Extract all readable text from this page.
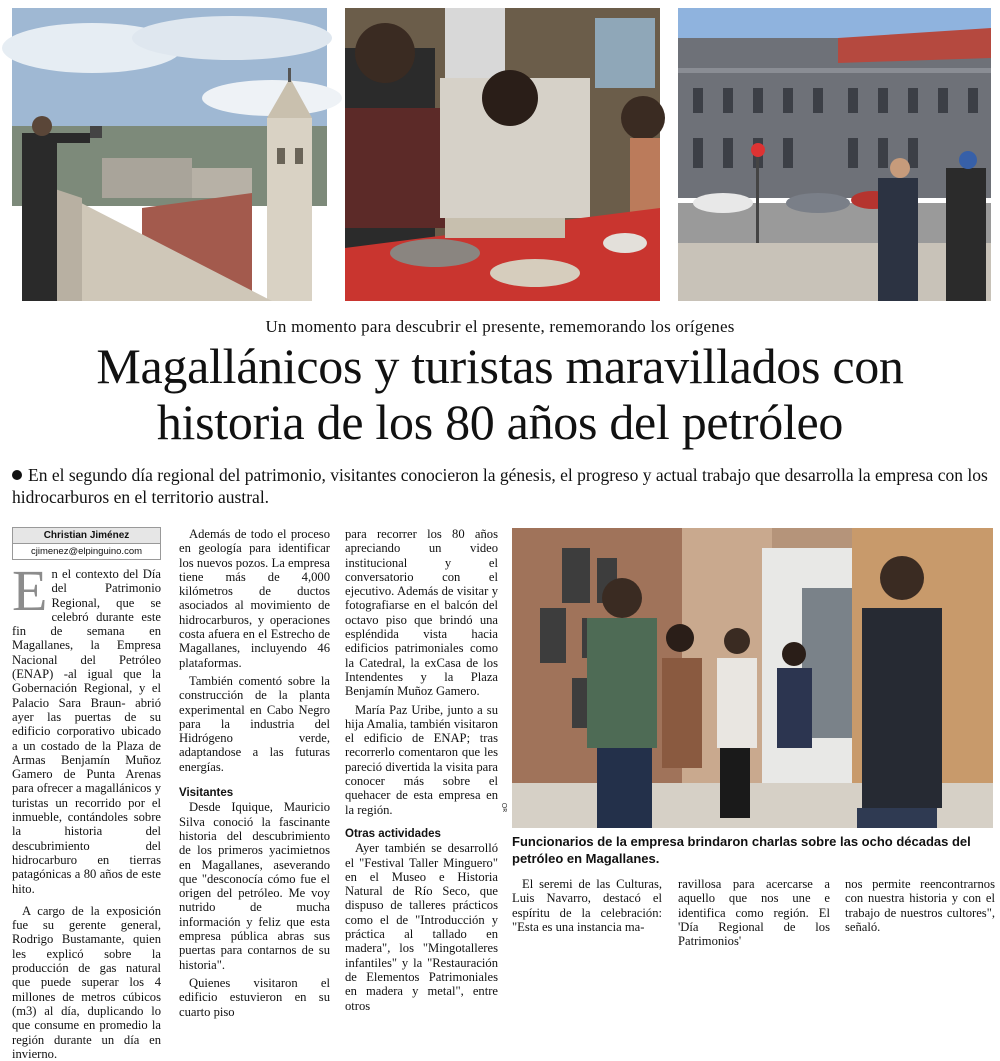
Un momento para descubrir el presente, rememorando los orígenes
Magallánicos y turistas maravillados con
historia de los 80 años del petróleo
En el segundo día regional del patrimonio, visitantes conocieron la génesis, el progreso y actual trabajo que desarrolla la empresa con los hidrocarburos en el territorio austral.
Christian Jiménez
cjimenez@elpinguino.com

En el contexto del Día del Patrimonio Regional, que se celebró durante este fin de semana en Magallanes, la Empresa Nacional del Petróleo (ENAP) -al igual que la Gobernación Regional, y el Palacio Sara Braun- abrió ayer las puertas de su edificio corporativo ubicado a un costado de la Plaza de Armas Benjamín Muñoz Gamero de Punta Arenas para ofrecer a magallánicos y turistas un recorrido por el inmueble, contándoles sobre la historia del descubrimiento del hidrocarburo en tierras patagónicas a 80 años de este hito.

A cargo de la exposición fue su gerente general, Rodrigo Bustamante, quien les explicó sobre la producción de gas natural que puede superar los 4 millones de metros cúbicos (m3) al día, duplicando lo que consume en promedio la región durante un día en invierno.

Además de todo el proceso en geología para identificar los nuevos pozos. La empresa tiene más de 4,000 kilómetros de ductos asociados al movimiento de hidrocarburos, y operaciones costa afuera en el Estrecho de Magallanes, incluyendo 46 plataformas.

También comentó sobre la construcción de la planta experimental en Cabo Negro para la industria del Hidrógeno verde, adaptandose a las futuras energías.

Visitantes

Desde Iquique, Mauricio Silva conoció la fascinante historia del descubrimiento de los primeros yacimietnos en Magallanes, aseverando que "desconocía cómo fue el origen del petróleo. Me voy nutrido de mucha información y feliz que esta empresa pública abras sus puertas para contarnos de su historia".

Quienes visitaron el edificio estuvieron en su cuarto piso

para recorrer los 80 años apreciando un video institucional y el conversatorio con el ejecutivo. Además de visitar y fotografiarse en el balcón del octavo piso que brindó una espléndida vista hacia edificios patrimoniales como la Catedral, la exCasa de los Intendentes y la Plaza Benjamín Muñoz Gamero.

María Paz Uribe, junto a su hija Amalia, también visitaron el edificio de ENAP; tras recorrerlo comentaron que les pareció divertida la visita para conocer más sobre el quehacer de esta empresa en la región.

Otras actividades

Ayer también se desarrolló el "Festival Taller Minguero" en el Museo e Historia Natural de Río Seco, que dispuso de talleres prácticos como el de "Introducción y práctica al tallado en madera", los "Mingotalleres infantiles" y la "Restauración de Elementos Patrimoniales en madera y metal", entre otros

ᴚО
Funcionarios de la empresa brindaron charlas sobre las ocho décadas del petróleo en Magallanes.

El seremi de las Culturas, Luis Navarro, destacó el espíritu de la celebración: "Esta es una instancia ma-

ravillosa para acercarse a aquello que nos une e identifica como región. El 'Día Regional de los Patrimonios'

nos permite reencontrarnos con nuestra historia y con el trabajo de nuestros cultores", señaló.
